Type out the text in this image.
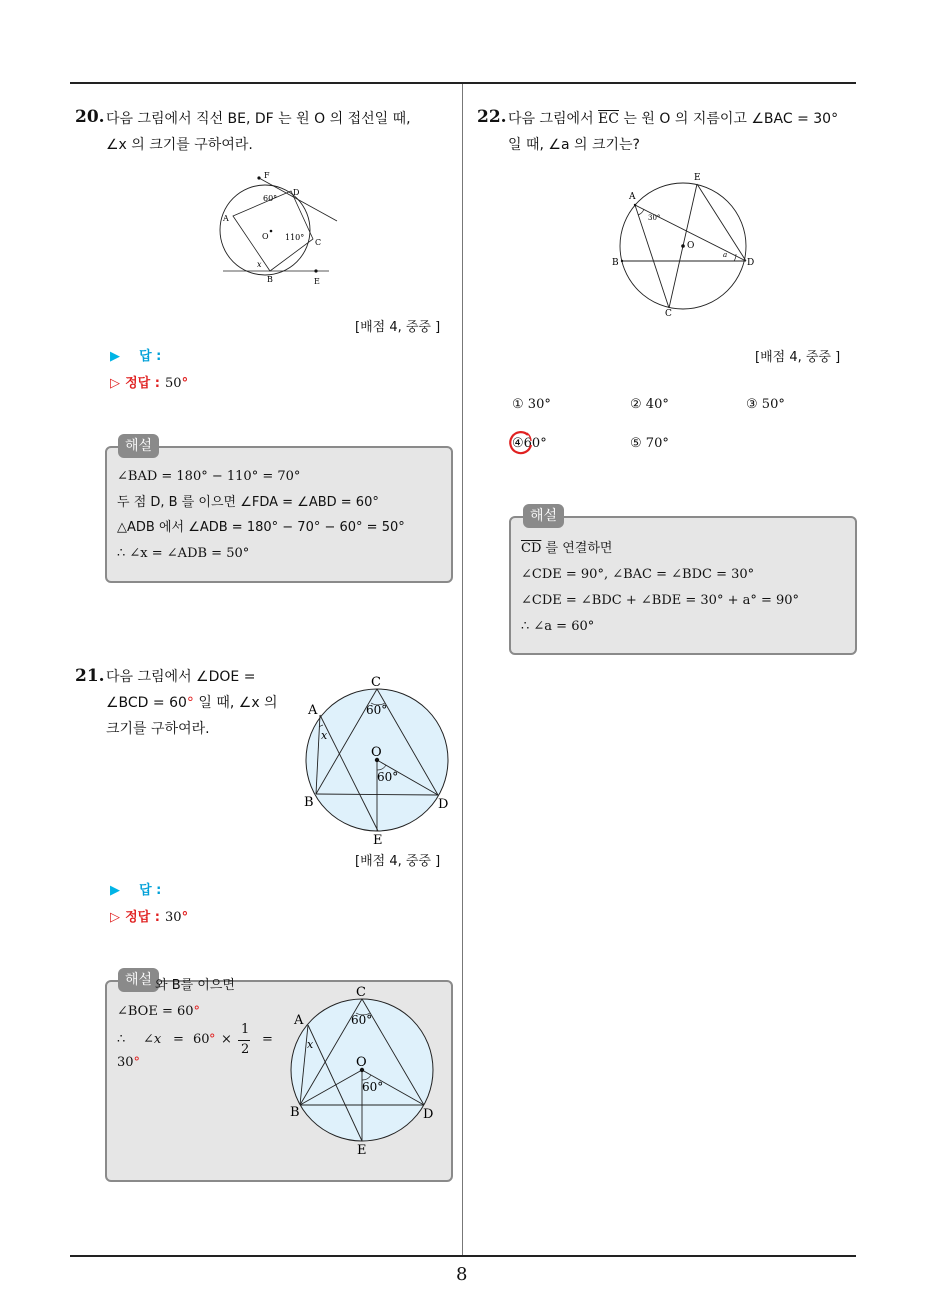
8
20. 다음 그림에서 직선 BE, DF 는 원 O 의 접선일 때,
∠x 의 크기를 구하여라.
F
D
60°
A
O 110°
C
x
B	E
[배점 4, 중중 ]
▶ 답 :
▷ 정답 : 50°
해설
∠BAD = 180° − 110° = 70°
두 점 D, B 를 이으면 ∠FDA = ∠ABD = 60°
△ADB 에서 ∠ADB = 180° − 70° − 60° = 50°
∴ ∠x = ∠ADB = 50°
21. 다음 그림에서 ∠DOE =
∠BCD = 60° 일 때, ∠x 의
크기를 구하여라.
C
60°
A
x
O
60°
B	D
E
[배점 4, 중중 ]
▶ 답 :
▷ 정답 : 30°
해설 와 B를 이으면
∠BOE = 60°
∴ ∠x = 60 ° ×
1
2
=
30°
C
60°
A
x
O
60°
B	D
E
22. 다음 그림에서 $\overline{EC}$ 는 원 O 의 지름이고 ∠BAC = 30°
일 때, ∠a 의 크기는?
E
A
30°
O
B
a
D
C
[배점 4, 중중 ]
① 30°	② 40°	③ 50°
④60°	⑤ 70°
해설
$\overline{CD}$ 를 연결하면
∠CDE = 90°, ∠BAC = ∠BDC = 30°
∠CDE = ∠BDC + ∠BDE = 30° + a° = 90°
∴ ∠a = 60°
